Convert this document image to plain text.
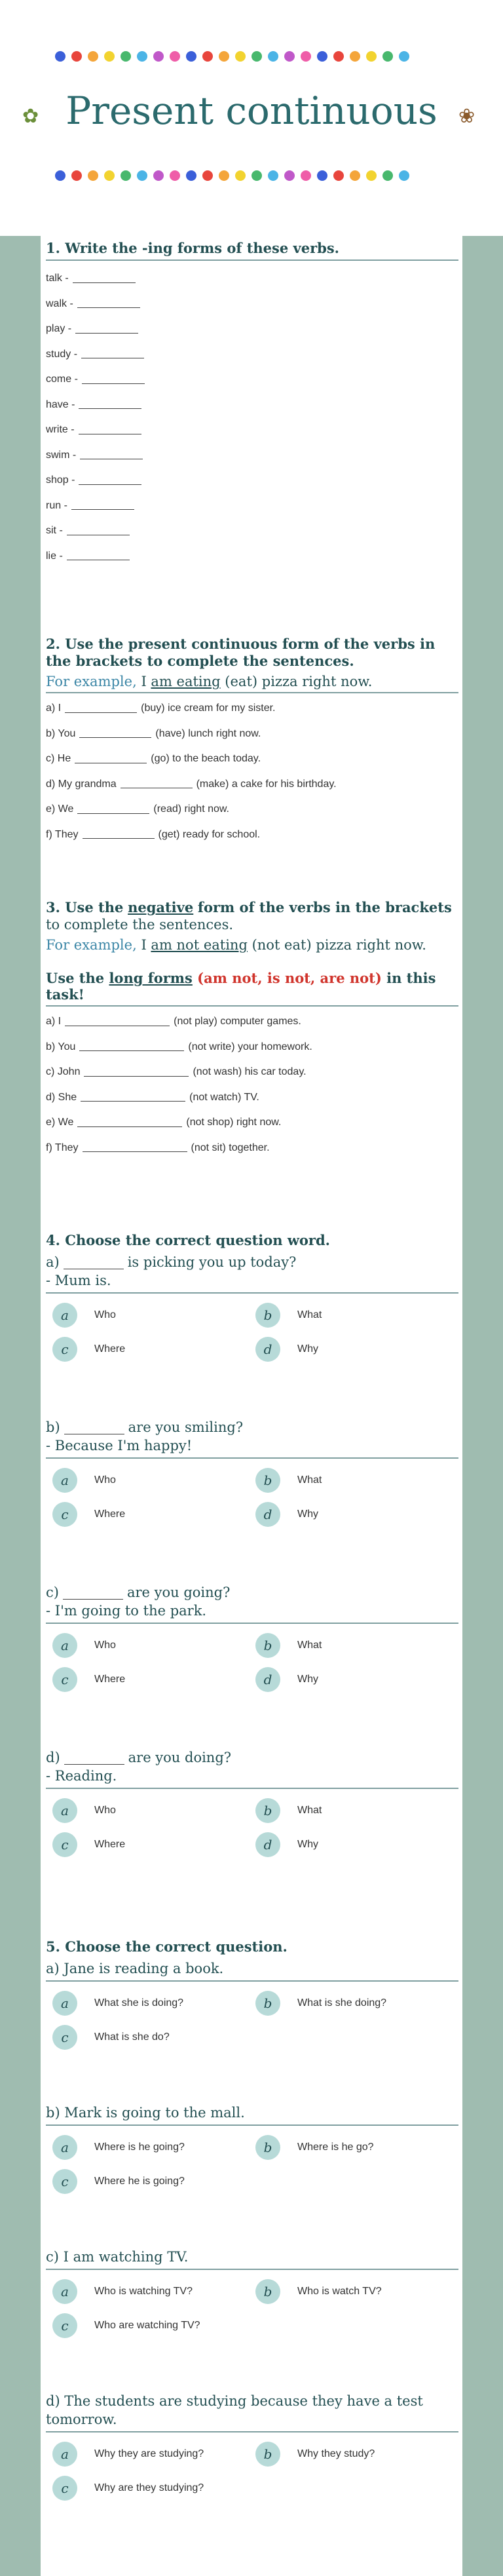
✿ Present continuous	❀
1. Write the -ing forms of these verbs.
talk -
walk -
play -
study -
come -
have -
write -
swim -
shop -
run -
sit -
lie -
2. Use the present continuous form of the verbs in the brackets to complete the sentences.
For example, I am eating (eat) pizza right now.
a) I	(buy) ice cream for my sister.
b) You	(have) lunch right now.
c) He	(go) to the beach today.
d) My grandma	(make) a cake for his birthday.
e) We	(read) right now.
f) They	(get) ready for school.
3. Use the negative form of the verbs in the brackets to complete the sentences.
For example, I am not eating (not eat) pizza right now.
Use the long forms (am not, is not, are not) in this task!
a) I	(not play) computer games.
b) You	(not write) your homework.
c) John	(not wash) his car today.
d) She	(not watch) TV.
e) We	(not shop) right now.
f) They	(not sit) together.
4. Choose the correct question word.
a)	is picking you up today?
- Mum is.
a	Who	b	What
c	Where	d	Why
b)	are you smiling?
- Because I'm happy!
a	Who	b	What
c	Where	d	Why
c)	are you going?
- I'm going to the park.
a	Who	b	What
c	Where	d	Why
d)	are you doing?
- Reading.
a	Who	b	What
c	Where	d	Why
5. Choose the correct question.
a) Jane is reading a book.
a	What she is doing?	b	What is she doing?
c	What is she do?
b) Mark is going to the mall.
a	Where is he going?	b	Where is he go?
c	Where he is going?
c) I am watching TV.
a	Who is watching TV?	b	Who is watch TV?
c	Who are watching TV?
d) The students are studying because they have a test tomorrow.
a	Why they are studying?	b	Why they study?
c	Why are they studying?
